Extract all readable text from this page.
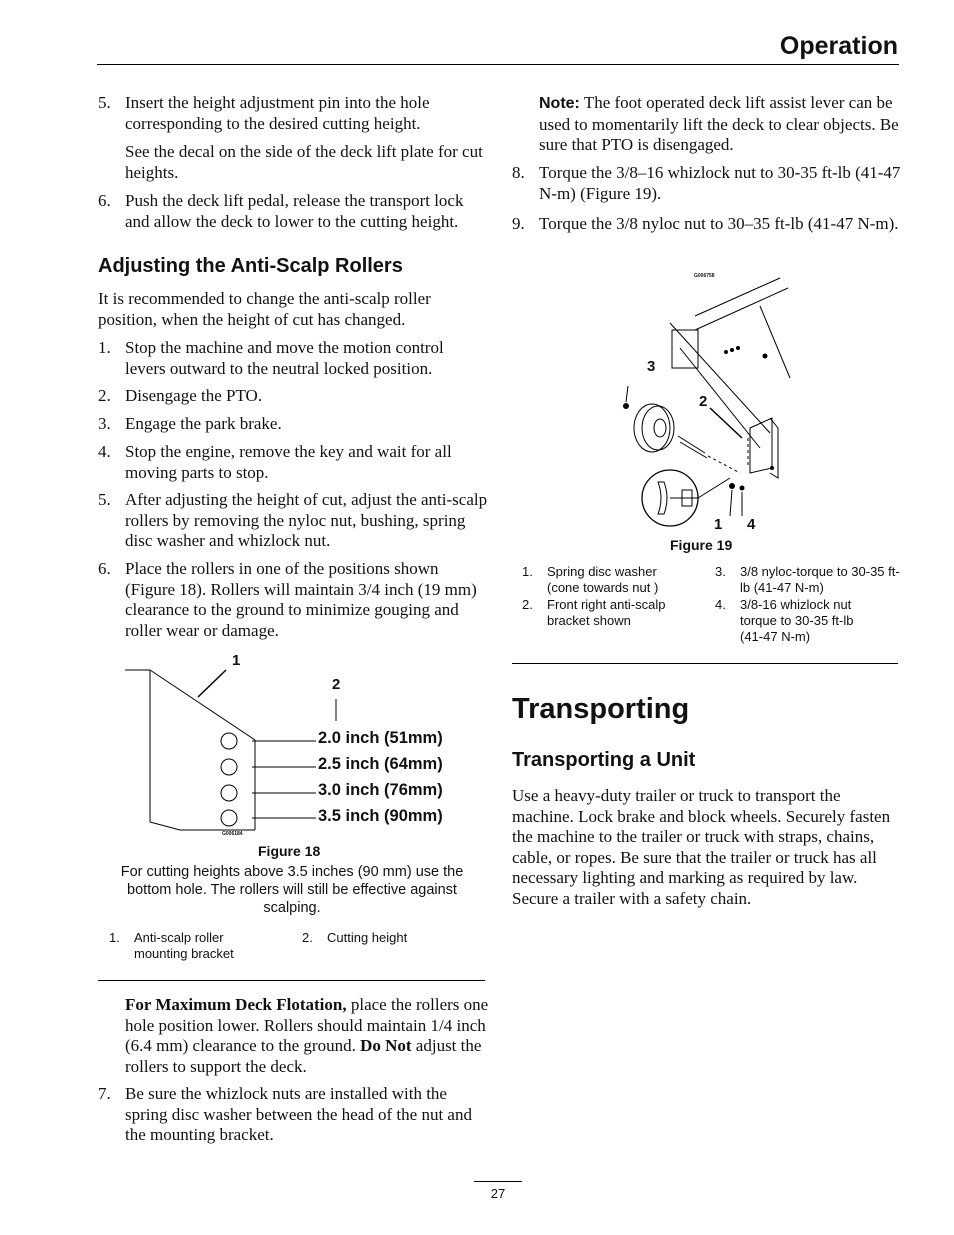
Operation
5. Insert the height adjustment pin into the hole corresponding to the desired cutting height.
See the decal on the side of the deck lift plate for cut heights.
6. Push the deck lift pedal, release the transport lock and allow the deck to lower to the cutting height.
Adjusting the Anti-Scalp Rollers
It is recommended to change the anti-scalp roller position, when the height of cut has changed.
1. Stop the machine and move the motion control levers outward to the neutral locked position.
2. Disengage the PTO.
3. Engage the park brake.
4. Stop the engine, remove the key and wait for all moving parts to stop.
5. After adjusting the height of cut, adjust the anti-scalp rollers by removing the nyloc nut, bushing, spring disc washer and whizlock nut.
6. Place the rollers in one of the positions shown (Figure 18). Rollers will maintain 3/4 inch (19 mm) clearance to the ground to minimize gouging and roller wear or damage.
1
2
2.0 inch (51mm)
2.5 inch (64mm)
3.0 inch (76mm)
3.5 inch (90mm)
G006184
Figure 18
For cutting heights above 3.5 inches (90 mm) use the bottom hole. The rollers will still be effective against scalping.
1. Anti-scalp roller mounting bracket
2. Cutting height
For Maximum Deck Flotation, place the rollers one hole position lower. Rollers should maintain 1/4 inch (6.4 mm) clearance to the ground. Do Not adjust the rollers to support the deck.
7. Be sure the whizlock nuts are installed with the spring disc washer between the head of the nut and the mounting bracket.
Note: The foot operated deck lift assist lever can be used to momentarily lift the deck to clear objects. Be sure that PTO is disengaged.
8. Torque the 3/8–16 whizlock nut to 30-35 ft-lb (41-47 N-m) (Figure 19).
9. Torque the 3/8 nyloc nut to 30–35 ft-lb (41-47 N-m).
G006758
1
2
3
4
Figure 19
1. Spring disc washer (cone towards nut )
2. Front right anti-scalp bracket shown
3. 3/8 nyloc-torque to 30-35 ft-lb (41-47 N-m)
4. 3/8-16 whizlock nut torque to 30-35 ft-lb (41-47 N-m)
Transporting
Transporting a Unit
Use a heavy-duty trailer or truck to transport the machine. Lock brake and block wheels. Securely fasten the machine to the trailer or truck with straps, chains, cable, or ropes. Be sure that the trailer or truck has all necessary lighting and marking as required by law. Secure a trailer with a safety chain.
27
